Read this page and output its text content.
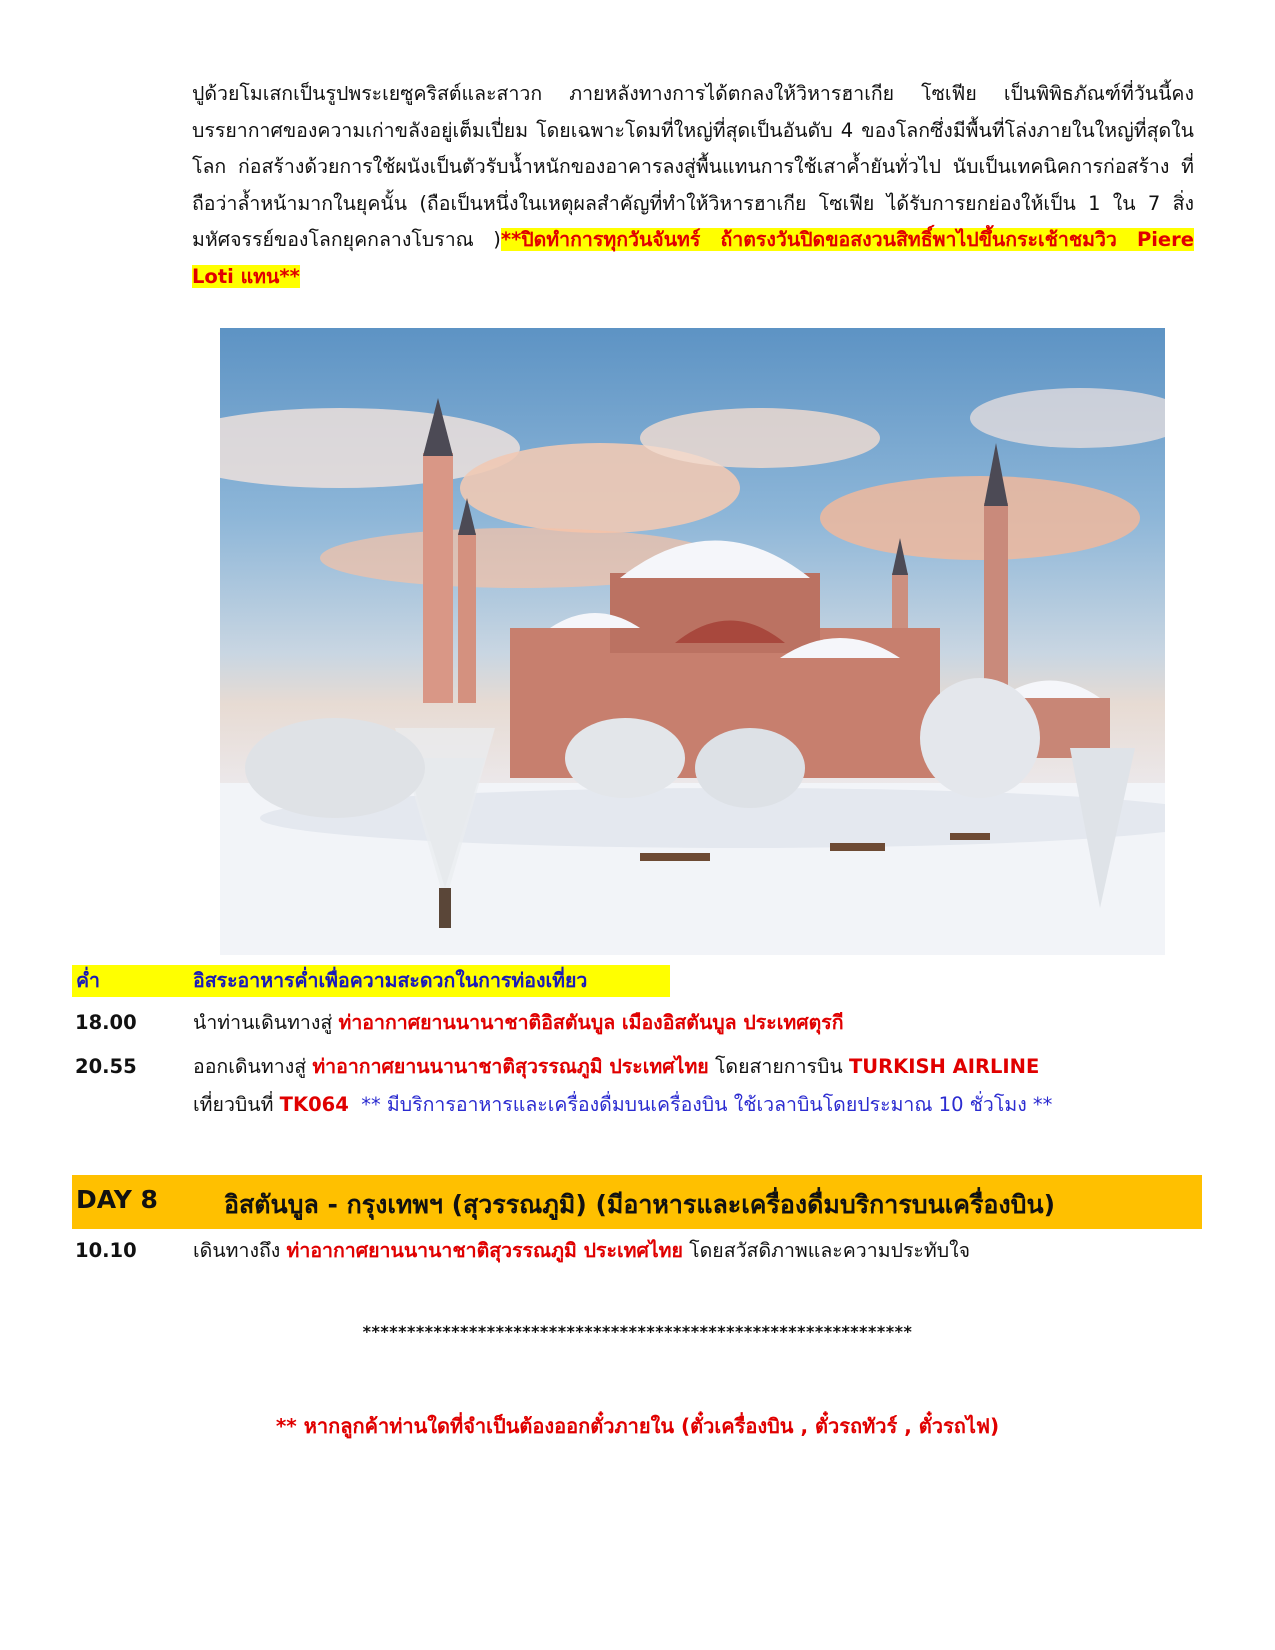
ปูด้วยโมเสกเป็นรูปพระเยซูคริสต์และสาวก ภายหลังทางการได้ตกลงให้วิหารฮาเกีย โซเฟีย เป็นพิพิธภัณฑ์ที่วันนี้คงบรรยากาศของความเก่าขลังอยู่เต็มเปี่ยม โดยเฉพาะโดมที่ใหญ่ที่สุดเป็นอันดับ 4 ของโลกซึ่งมีพื้นที่โล่งภายในใหญ่ที่สุดในโลก ก่อสร้างด้วยการใช้ผนังเป็นตัวรับน้ำหนักของอาคารลงสู่พื้นแทนการใช้เสาค้ำยันทั่วไป นับเป็นเทคนิคการก่อสร้าง ที่ถือว่าล้ำหน้ามากในยุคนั้น (ถือเป็นหนึ่งในเหตุผลสำคัญที่ทำให้วิหารฮาเกีย โซเฟีย ได้รับการยกย่องให้เป็น 1 ใน 7 สิ่งมหัศจรรย์ของโลกยุคกลางโบราณ )**ปิดทำการทุกวันจันทร์ ถ้าตรงวันปิดขอสงวนสิทธิ์พาไปขึ้นกระเช้าชมวิว Piere Loti แทน**
ค่ำ	อิสระอาหารค่ำเพื่อความสะดวกในการท่องเที่ยว
18.00	นำท่านเดินทางสู่ ท่าอากาศยานนานาชาติอิสตันบูล เมืองอิสตันบูล ประเทศตุรกี
20.55	ออกเดินทางสู่ ท่าอากาศยานนานาชาติสุวรรณภูมิ ประเทศไทย โดยสายการบิน TURKISH AIRLINE
เที่ยวบินที่ TK064 ** มีบริการอาหารและเครื่องดื่มบนเครื่องบิน ใช้เวลาบินโดยประมาณ 10 ชั่วโมง **
DAY 8	อิสตันบูล - กรุงเทพฯ (สุวรรณภูมิ) (มีอาหารและเครื่องดื่มบริการบนเครื่องบิน)
10.10	เดินทางถึง ท่าอากาศยานนานาชาติสุวรรณภูมิ ประเทศไทย โดยสวัสดิภาพและความประทับใจ
**************************************************************
** หากลูกค้าท่านใดที่จำเป็นต้องออกตั๋วภายใน (ตั๋วเครื่องบิน , ตั๋วรถทัวร์ , ตั๋วรถไฟ)
